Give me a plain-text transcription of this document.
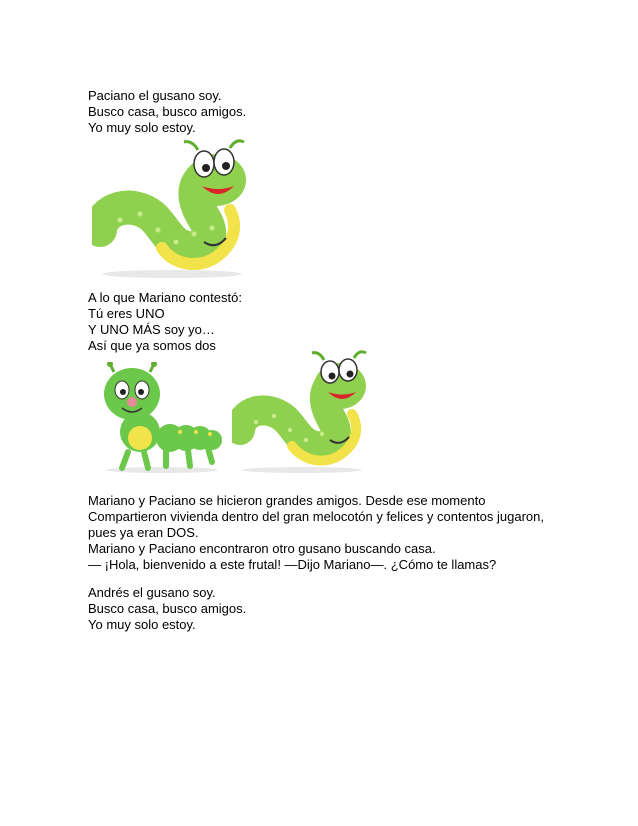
Paciano el gusano soy.

Busco casa, busco amigos.

Yo muy solo estoy.

A lo que Mariano contestó:

Tú eres UNO

Y UNO MÁS soy yo…

Así que ya somos dos

Mariano y Paciano se hicieron grandes amigos. Desde ese momento

Compartieron vivienda dentro del gran melocotón y felices y contentos jugaron,

pues ya eran DOS.

Mariano y Paciano encontraron otro gusano buscando casa.

— ¡Hola, bienvenido a este frutal! —Dijo Mariano—. ¿Cómo te llamas?

Andrés el gusano soy.

Busco casa, busco amigos.

Yo muy solo estoy.
